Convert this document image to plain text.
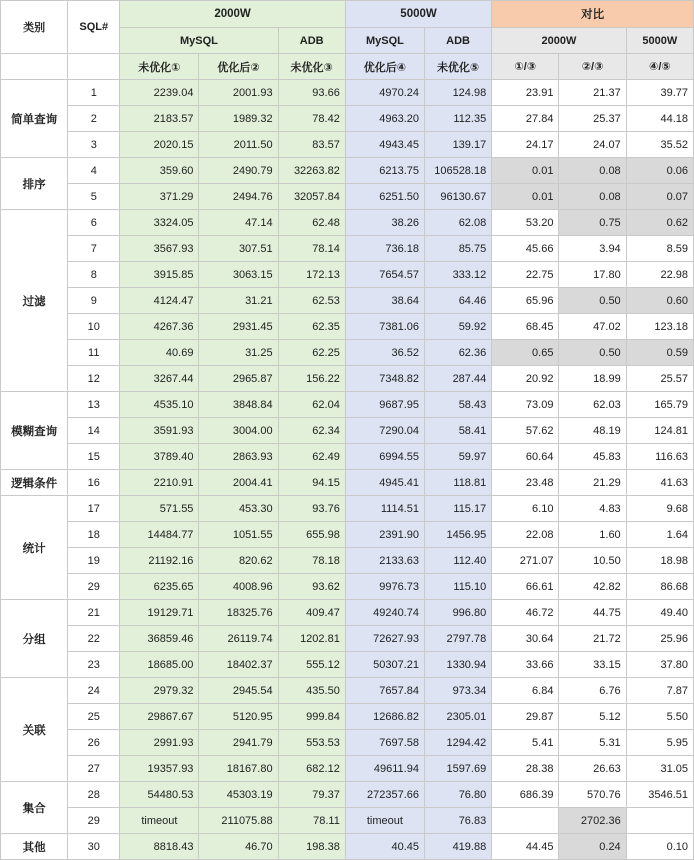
类别	SQL#	2000W			5000W		对比		
		MySQL		ADB	MySQL	ADB	2000W		5000W
		未优化①	优化后②	未优化③	优化后④	未优化⑤	①/③	②/③	④/⑤
简单查询	1	2239.04	2001.93	93.66	4970.24	124.98	23.91	21.37	39.77
	2	2183.57	1989.32	78.42	4963.20	112.35	27.84	25.37	44.18
	3	2020.15	2011.50	83.57	4943.45	139.17	24.17	24.07	35.52
排序	4	359.60	2490.79	32263.82	6213.75	106528.18	0.01	0.08	0.06
	5	371.29	2494.76	32057.84	6251.50	96130.67	0.01	0.08	0.07
过滤	6	3324.05	47.14	62.48	38.26	62.08	53.20	0.75	0.62
	7	3567.93	307.51	78.14	736.18	85.75	45.66	3.94	8.59
	8	3915.85	3063.15	172.13	7654.57	333.12	22.75	17.80	22.98
	9	4124.47	31.21	62.53	38.64	64.46	65.96	0.50	0.60
	10	4267.36	2931.45	62.35	7381.06	59.92	68.45	47.02	123.18
	11	40.69	31.25	62.25	36.52	62.36	0.65	0.50	0.59
	12	3267.44	2965.87	156.22	7348.82	287.44	20.92	18.99	25.57
模糊查询	13	4535.10	3848.84	62.04	9687.95	58.43	73.09	62.03	165.79
	14	3591.93	3004.00	62.34	7290.04	58.41	57.62	48.19	124.81
	15	3789.40	2863.93	62.49	6994.55	59.97	60.64	45.83	116.63
逻辑条件	16	2210.91	2004.41	94.15	4945.41	118.81	23.48	21.29	41.63
统计	17	571.55	453.30	93.76	1114.51	115.17	6.10	4.83	9.68
	18	14484.77	1051.55	655.98	2391.90	1456.95	22.08	1.60	1.64
	19	21192.16	820.62	78.18	2133.63	112.40	271.07	10.50	18.98
	29	6235.65	4008.96	93.62	9976.73	115.10	66.61	42.82	86.68
分组	21	19129.71	18325.76	409.47	49240.74	996.80	46.72	44.75	49.40
	22	36859.46	26119.74	1202.81	72627.93	2797.78	30.64	21.72	25.96
	23	18685.00	18402.37	555.12	50307.21	1330.94	33.66	33.15	37.80
关联	24	2979.32	2945.54	435.50	7657.84	973.34	6.84	6.76	7.87
	25	29867.67	5120.95	999.84	12686.82	2305.01	29.87	5.12	5.50
	26	2991.93	2941.79	553.53	7697.58	1294.42	5.41	5.31	5.95
	27	19357.93	18167.80	682.12	49611.94	1597.69	28.38	26.63	31.05
集合	28	54480.53	45303.19	79.37	272357.66	76.80	686.39	570.76	3546.51
	29	timeout	211075.88	78.11	timeout	76.83		2702.36	
其他	30	8818.43	46.70	198.38	40.45	419.88	44.45	0.24	0.10
